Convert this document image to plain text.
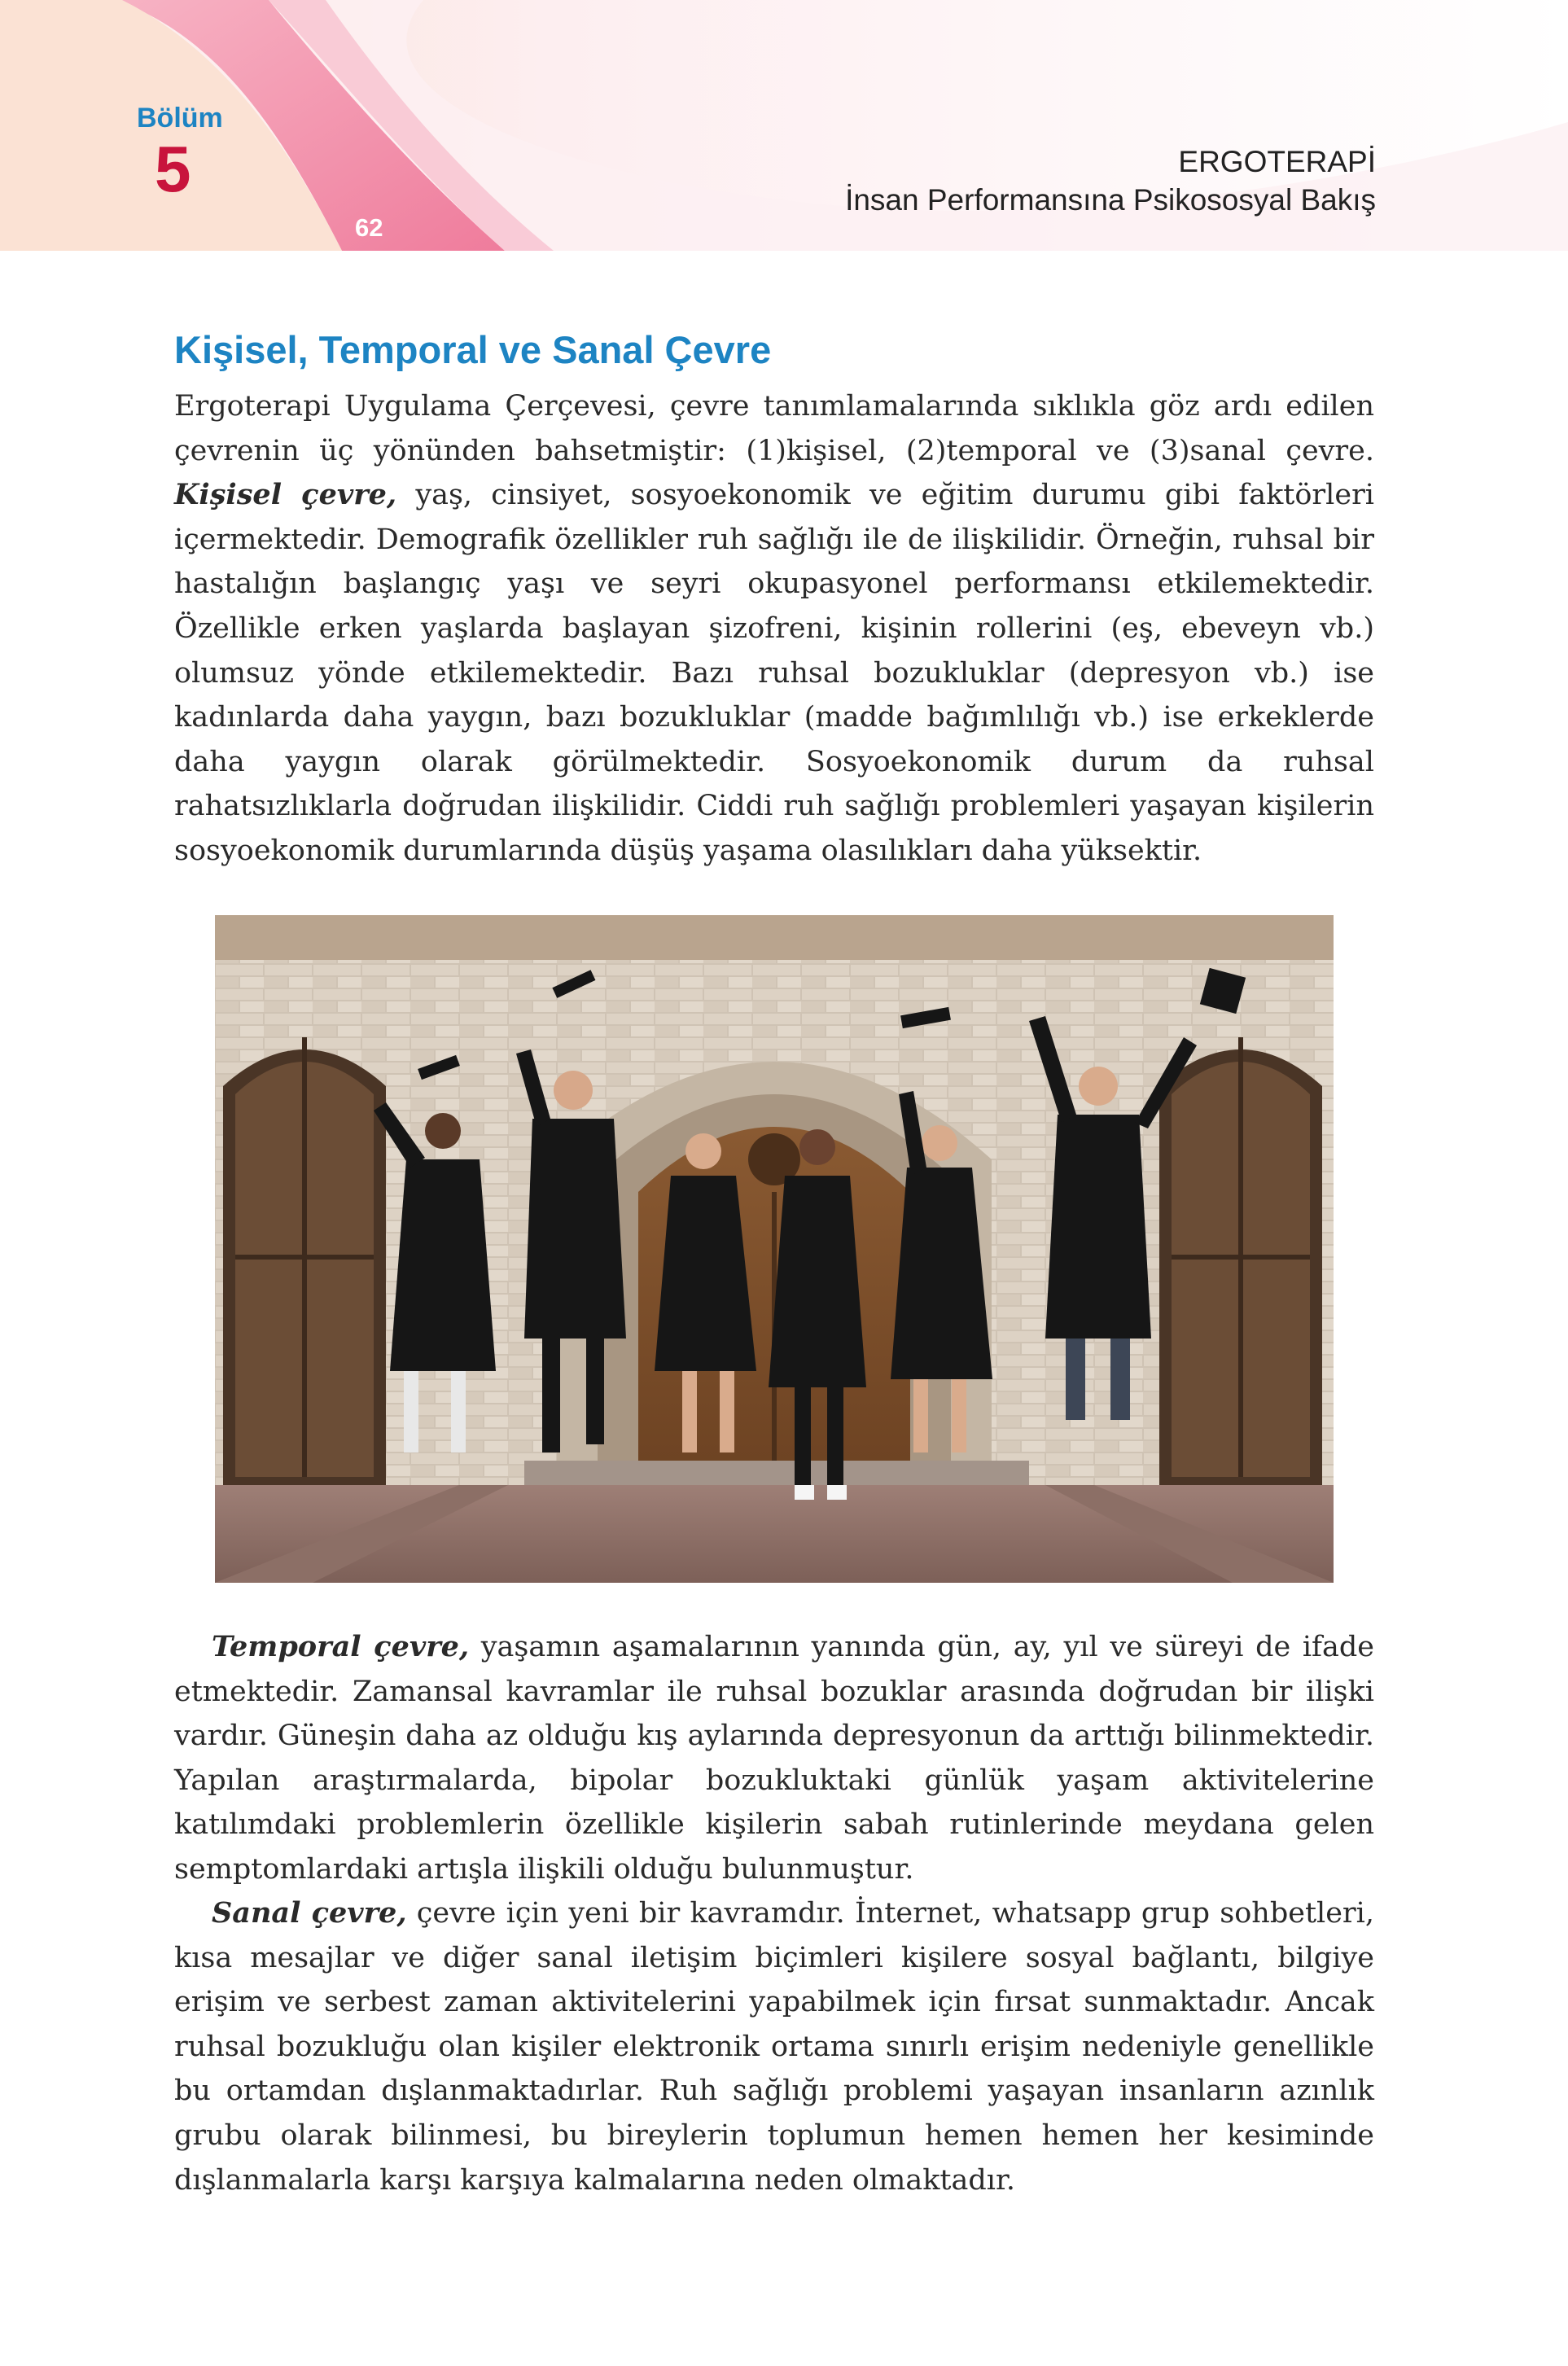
Bölüm
5
62
ERGOTERAPİ
İnsan Performansına Psikososyal Bakış
Kişisel, Temporal ve Sanal Çevre

Ergoterapi Uygulama Çerçevesi, çevre tanımlamalarında sıklıkla göz ardı edilen çevrenin üç yönünden bahsetmiştir: (1)kişisel, (2)temporal ve (3)sanal çevre. Kişisel çevre, yaş, cinsiyet, sosyoekonomik ve eğitim durumu gibi faktörleri içermektedir. Demografik özellikler ruh sağlığı ile de ilişkilidir. Örneğin, ruhsal bir hastalığın başlangıç yaşı ve seyri okupasyonel performansı etkilemektedir. Özellikle erken yaşlarda başlayan şizofreni, kişinin rollerini (eş, ebeveyn vb.) olumsuz yönde etkilemektedir. Bazı ruhsal bozukluklar (depresyon vb.) ise kadınlarda daha yaygın, bazı bozukluklar (madde bağımlılığı vb.) ise erkeklerde daha yaygın olarak görülmektedir. Sosyoekonomik durum da ruhsal rahatsızlıklarla doğrudan ilişkilidir. Ciddi ruh sağlığı problemleri yaşayan kişilerin sosyoekonomik durumlarında düşüş yaşama olasılıkları daha yüksektir.

Temporal çevre, yaşamın aşamalarının yanında gün, ay, yıl ve süreyi de ifade etmektedir. Zamansal kavramlar ile ruhsal bozuklar arasında doğrudan bir ilişki vardır. Güneşin daha az olduğu kış aylarında depresyonun da arttığı bilinmektedir. Yapılan araştırmalarda, bipolar bozukluktaki günlük yaşam aktivitelerine katılımdaki problemlerin özellikle kişilerin sabah rutinlerinde meydana gelen semptomlardaki artışla ilişkili olduğu bulunmuştur.

Sanal çevre, çevre için yeni bir kavramdır. İnternet, whatsapp grup sohbetleri, kısa mesajlar ve diğer sanal iletişim biçimleri kişilere sosyal bağlantı, bilgiye erişim ve serbest zaman aktivitelerini yapabilmek için fırsat sunmaktadır. Ancak ruhsal bozukluğu olan kişiler elektronik ortama sınırlı erişim nedeniyle genellikle bu ortamdan dışlanmaktadırlar. Ruh sağlığı problemi yaşayan insanların azınlık grubu olarak bilinmesi, bu bireylerin toplumun hemen hemen her kesiminde dışlanmalarla karşı karşıya kalmalarına neden olmaktadır.
